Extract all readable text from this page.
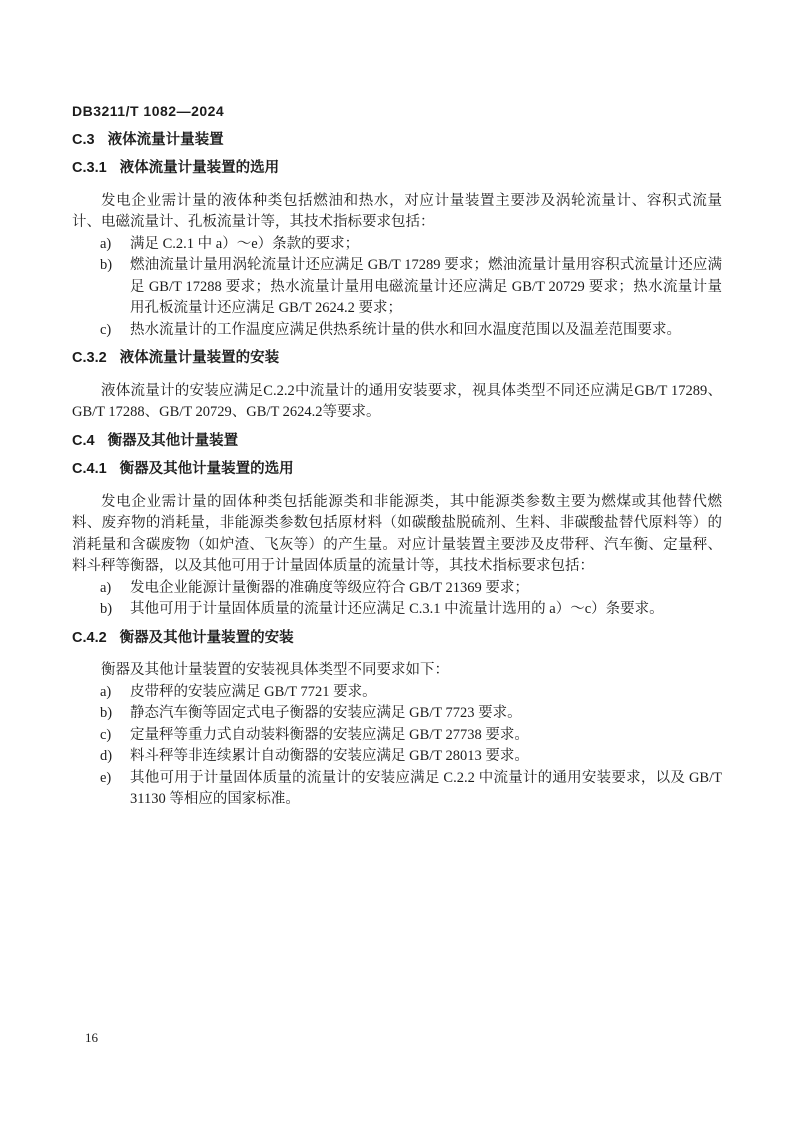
DB3211/T 1082—2024
C.3 液体流量计量装置
C.3.1 液体流量计量装置的选用

发电企业需计量的液体种类包括燃油和热水，对应计量装置主要涉及涡轮流量计、容积式流量计、电磁流量计、孔板流量计等，其技术指标要求包括：

a) 满足 C.2.1 中 a）～e）条款的要求；
b) 燃油流量计量用涡轮流量计还应满足 GB/T 17289 要求；燃油流量计量用容积式流量计还应满足 GB/T 17288 要求；热水流量计量用电磁流量计还应满足 GB/T 20729 要求；热水流量计量用孔板流量计还应满足 GB/T 2624.2 要求；
c) 热水流量计的工作温度应满足供热系统计量的供水和回水温度范围以及温差范围要求。
C.3.2 液体流量计量装置的安装

液体流量计的安装应满足C.2.2中流量计的通用安装要求，视具体类型不同还应满足GB/T 17289、GB/T 17288、GB/T 20729、GB/T 2624.2等要求。

C.4 衡器及其他计量装置
C.4.1 衡器及其他计量装置的选用

发电企业需计量的固体种类包括能源类和非能源类，其中能源类参数主要为燃煤或其他替代燃料、废弃物的消耗量，非能源类参数包括原材料（如碳酸盐脱硫剂、生料、非碳酸盐替代原料等）的消耗量和含碳废物（如炉渣、飞灰等）的产生量。对应计量装置主要涉及皮带秤、汽车衡、定量秤、料斗秤等衡器，以及其他可用于计量固体质量的流量计等，其技术指标要求包括：

a) 发电企业能源计量衡器的准确度等级应符合 GB/T 21369 要求；
b) 其他可用于计量固体质量的流量计还应满足 C.3.1 中流量计选用的 a）～c）条要求。
C.4.2 衡器及其他计量装置的安装

衡器及其他计量装置的安装视具体类型不同要求如下：

a) 皮带秤的安装应满足 GB/T 7721 要求。
b) 静态汽车衡等固定式电子衡器的安装应满足 GB/T 7723 要求。
c) 定量秤等重力式自动装料衡器的安装应满足 GB/T 27738 要求。
d) 料斗秤等非连续累计自动衡器的安装应满足 GB/T 28013 要求。
e) 其他可用于计量固体质量的流量计的安装应满足 C.2.2 中流量计的通用安装要求，以及 GB/T 31130 等相应的国家标准。
16
